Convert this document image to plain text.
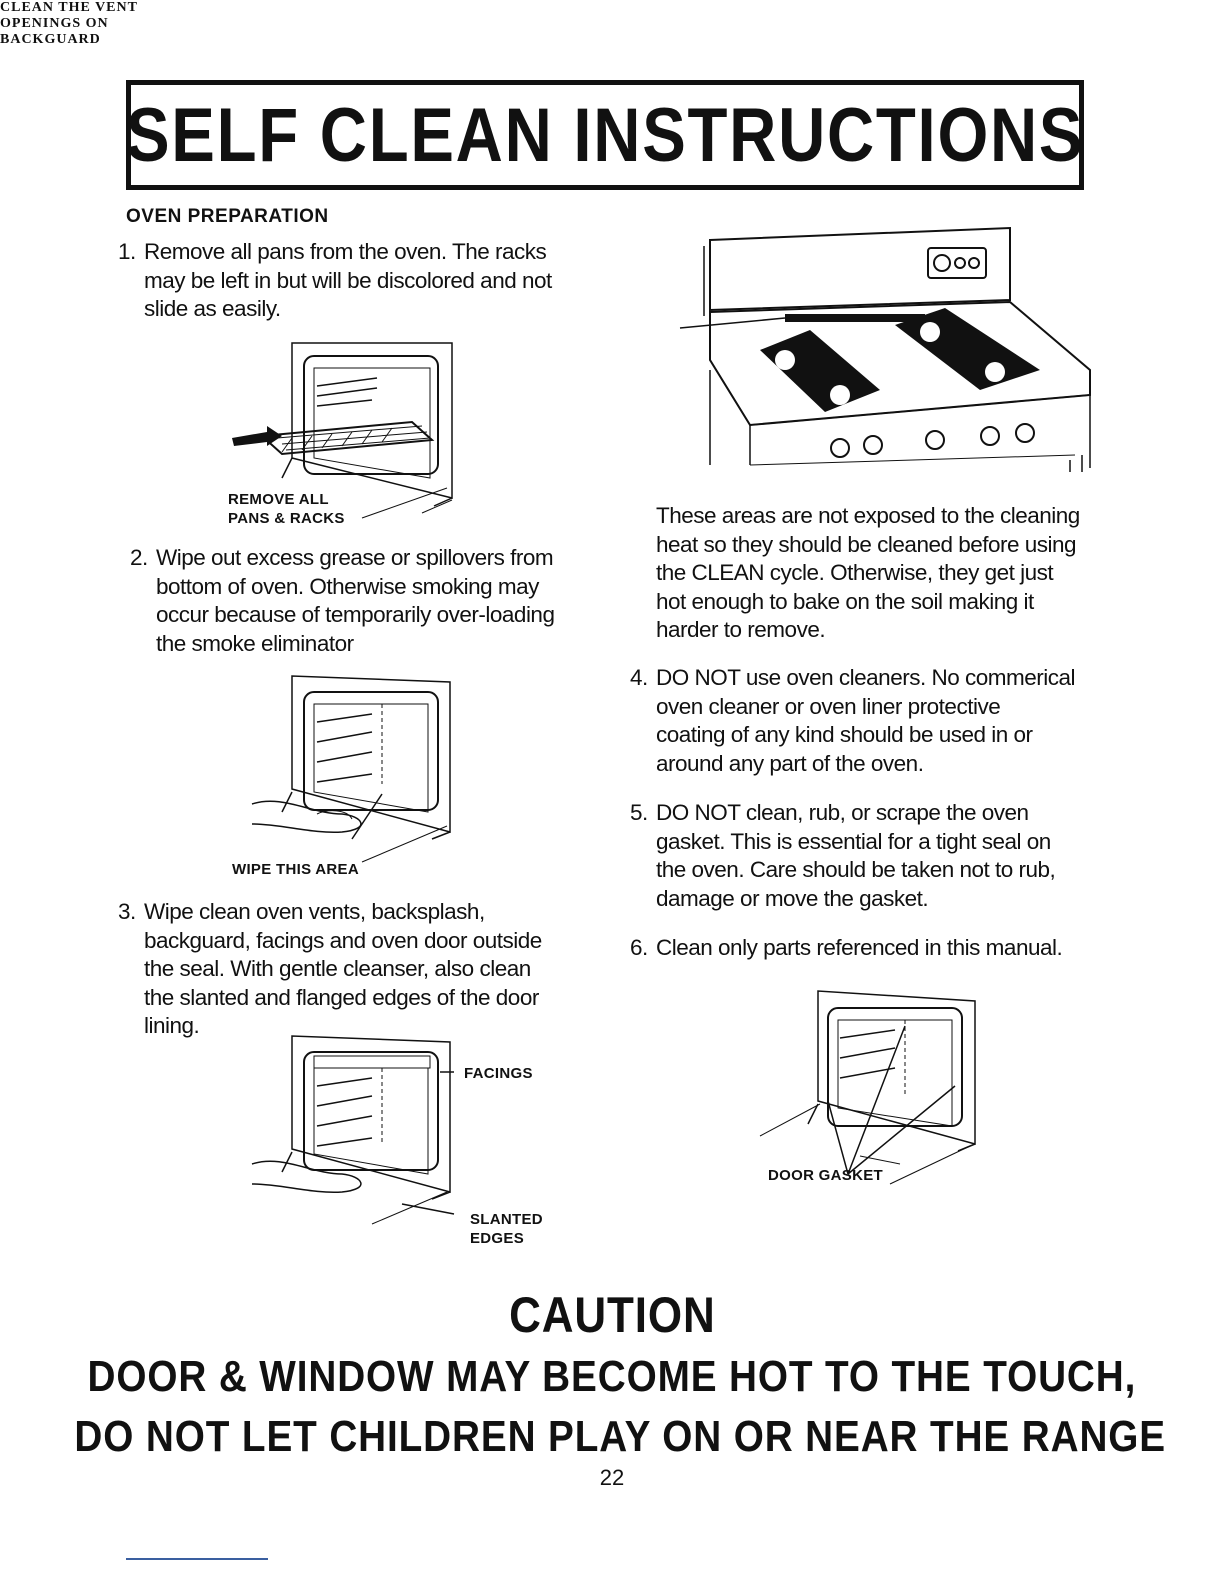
SELF CLEAN INSTRUCTIONS
OVEN PREPARATION
1. Remove all pans from the oven. The racks
may be left in but will be discolored and not
slide as easily.
REMOVE ALL
PANS & RACKS
2. Wipe out excess grease or spillovers from
bottom of oven. Otherwise smoking may
occur because of temporarily over-loading
the smoke eliminator
WIPE THIS AREA
3. Wipe clean oven vents, backsplash,
backguard, facings and oven door outside
the seal. With gentle cleanser, also clean
the slanted and flanged edges of the door
lining.
FACINGS
SLANTED
EDGES
CLEAN THE VENT
OPENINGS ON
BACKGUARD
These areas are not exposed to the cleaning
heat so they should be cleaned before using
the CLEAN cycle. Otherwise, they get just
hot enough to bake on the soil making it
harder to remove.
4. DO NOT use oven cleaners. No commerical
oven cleaner or oven liner protective
coating of any kind should be used in or
around any part of the oven.
5. DO NOT clean, rub, or scrape the oven
gasket. This is essential for a tight seal on
the oven. Care should be taken not to rub,
damage or move the gasket.
6. Clean only parts referenced in this manual.
DOOR GASKET
CAUTION
DOOR & WINDOW MAY BECOME HOT TO THE TOUCH,
DO NOT LET CHILDREN PLAY ON OR NEAR THE RANGE
22
